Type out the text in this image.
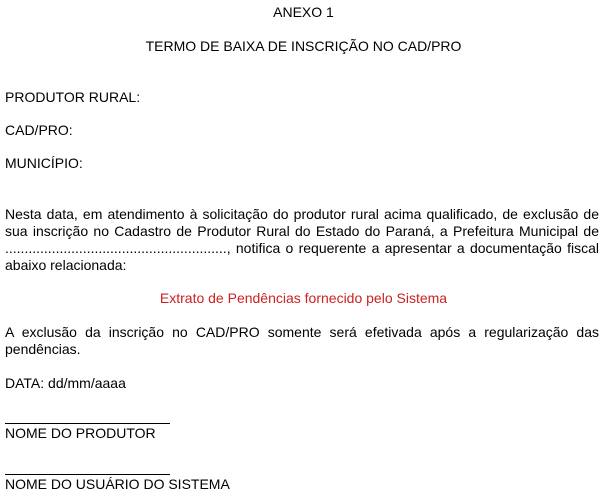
ANEXO 1

TERMO DE BAIXA DE INSCRIÇÃO NO CAD/PRO

PRODUTOR RURAL:

CAD/PRO:

MUNICÍPIO:

Nesta data, em atendimento à solicitação do produtor rural acima qualificado, de exclusão de sua inscrição no Cadastro de Produtor Rural do Estado do Paraná, a Prefeitura Municipal de ........................................................., notifica o requerente a apresentar a documentação fiscal abaixo relacionada:

Extrato de Pendências fornecido pelo Sistema

A exclusão da inscrição no CAD/PRO somente será efetivada após a regularização das pendências.

DATA: dd/mm/aaaa

NOME DO PRODUTOR

NOME DO USUÁRIO DO SISTEMA
